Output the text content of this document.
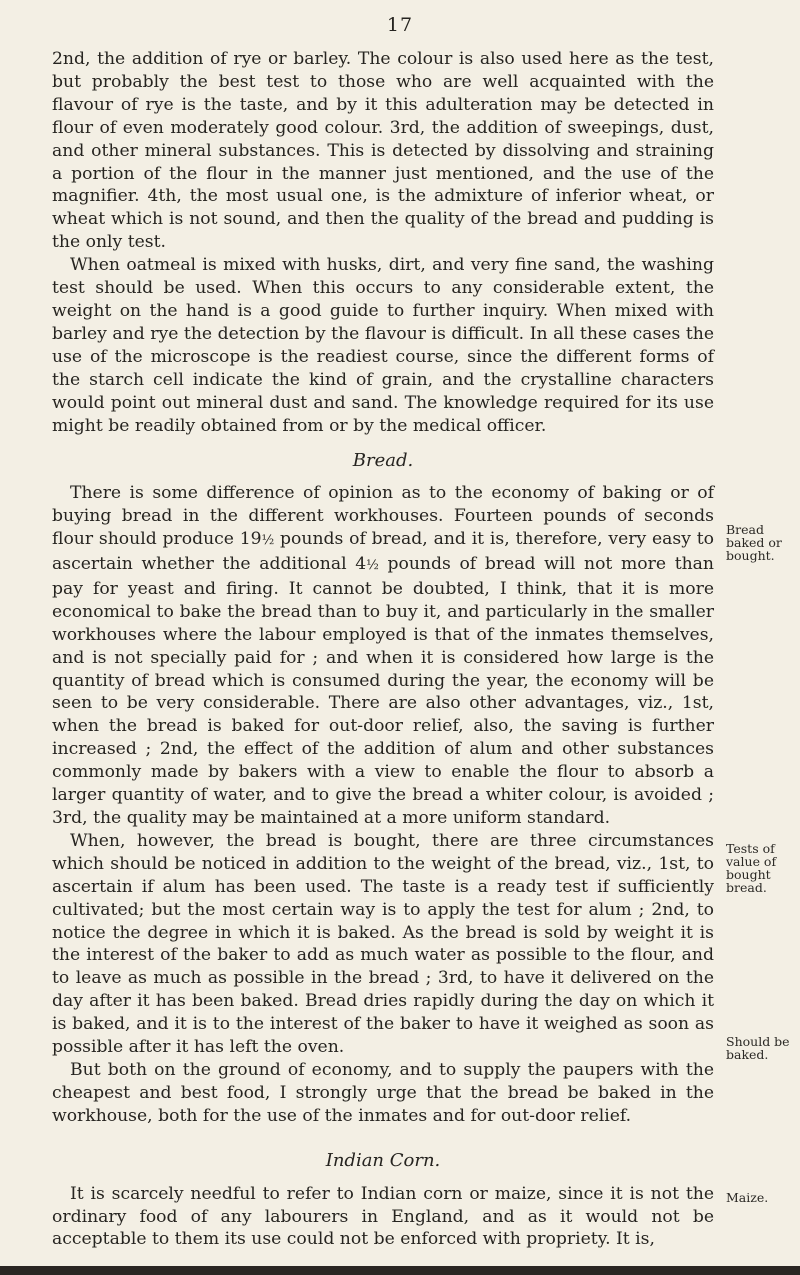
17

2nd, the addition of rye or barley. The colour is also used here as the test, but probably the best test to those who are well acquainted with the flavour of rye is the taste, and by it this adulteration may be detected in flour of even moderately good colour. 3rd, the addition of sweepings, dust, and other mineral substances. This is detected by dissolving and straining a portion of the flour in the manner just mentioned, and the use of the magnifier. 4th, the most usual one, is the admixture of inferior wheat, or wheat which is not sound, and then the quality of the bread and pudding is the only test.

When oatmeal is mixed with husks, dirt, and very fine sand, the washing test should be used. When this occurs to any considerable extent, the weight on the hand is a good guide to further inquiry. When mixed with barley and rye the detection by the flavour is difficult. In all these cases the use of the microscope is the readiest course, since the different forms of the starch cell indicate the kind of grain, and the crystalline characters would point out mineral dust and sand. The knowledge required for its use might be readily obtained from or by the medical officer.

Bread.

There is some difference of opinion as to the economy of baking or of buying bread in the different workhouses. Fourteen pounds of seconds flour should produce 19½ pounds of bread, and it is, therefore, very easy to ascertain whether the additional 4½ pounds of bread will not more than pay for yeast and firing. It cannot be doubted, I think, that it is more economical to bake the bread than to buy it, and particularly in the smaller workhouses where the labour employed is that of the inmates themselves, and is not specially paid for ; and when it is considered how large is the quantity of bread which is consumed during the year, the economy will be seen to be very considerable. There are also other advantages, viz., 1st, when the bread is baked for out-door relief, also, the saving is further increased ; 2nd, the effect of the addition of alum and other substances commonly made by bakers with a view to enable the flour to absorb a larger quantity of water, and to give the bread a whiter colour, is avoided ; 3rd, the quality may be maintained at a more uniform standard.

When, however, the bread is bought, there are three circumstances which should be noticed in addition to the weight of the bread, viz., 1st, to ascertain if alum has been used. The taste is a ready test if sufficiently cultivated; but the most certain way is to apply the test for alum ; 2nd, to notice the degree in which it is baked. As the bread is sold by weight it is the interest of the baker to add as much water as possible to the flour, and to leave as much as possible in the bread ; 3rd, to have it delivered on the day after it has been baked. Bread dries rapidly during the day on which it is baked, and it is to the interest of the baker to have it weighed as soon as possible after it has left the oven.

But both on the ground of economy, and to supply the paupers with the cheapest and best food, I strongly urge that the bread be baked in the workhouse, both for the use of the inmates and for out-door relief.

Indian Corn.

It is scarcely needful to refer to Indian corn or maize, since it is not the ordinary food of any labourers in England, and as it would not be acceptable to them its use could not be enforced with propriety. It is,

Bread baked or bought.
Tests of value of bought bread.
Should be baked.
Maize.
